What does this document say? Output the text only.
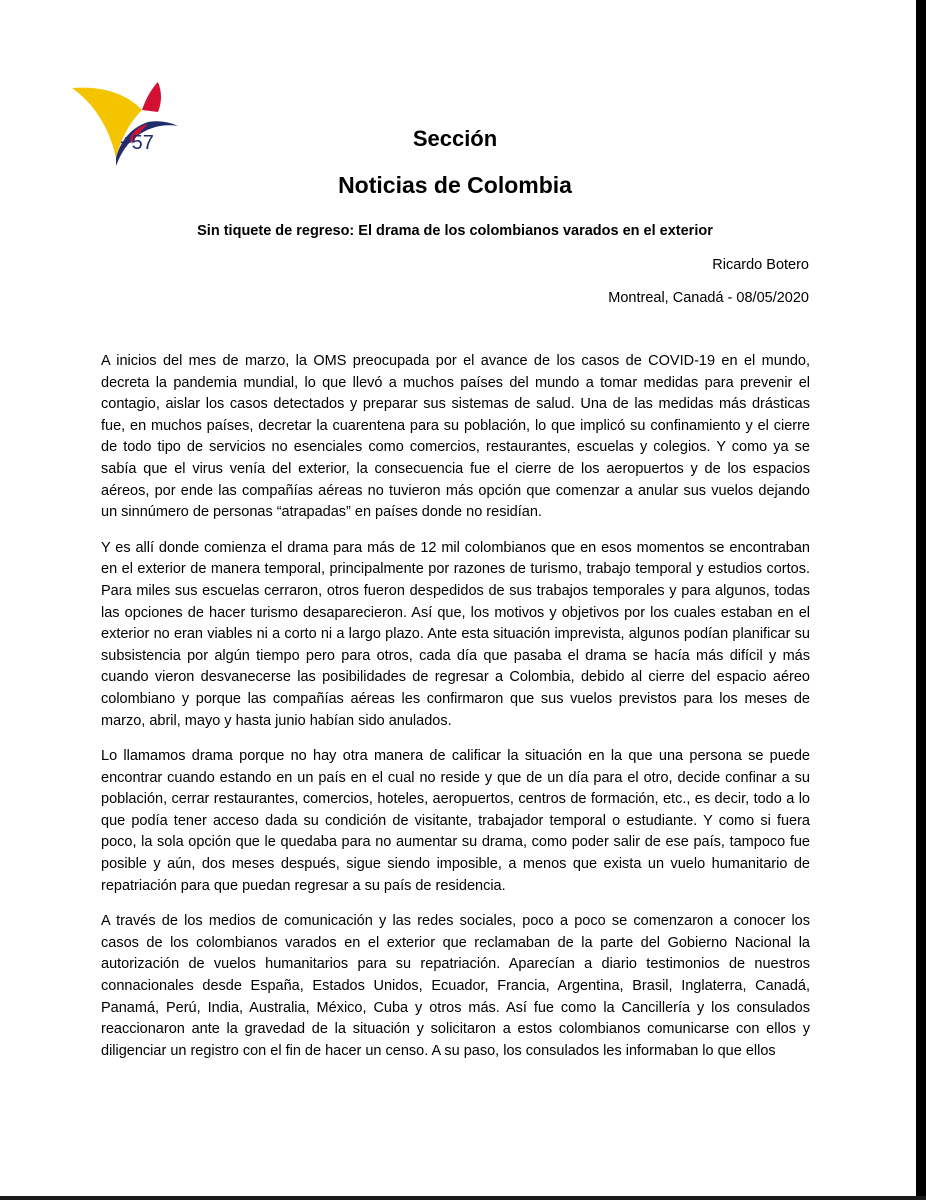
+57	Sección
Noticias de Colombia
Sin tiquete de regreso: El drama de los colombianos varados en el exterior
Ricardo Botero
Montreal, Canadá - 08/05/2020

A inicios del mes de marzo, la OMS preocupada por el avance de los casos de COVID-19 en el mundo, decreta la pandemia mundial, lo que llevó a muchos países del mundo a tomar medidas para prevenir el contagio, aislar los casos detectados y preparar sus sistemas de salud. Una de las medidas más drásticas fue, en muchos países, decretar la cuarentena para su población, lo que implicó su confinamiento y el cierre de todo tipo de servicios no esenciales como comercios, restaurantes, escuelas y colegios. Y como ya se sabía que el virus venía del exterior, la consecuencia fue el cierre de los aeropuertos y de los espacios aéreos, por ende las compañías aéreas no tuvieron más opción que comenzar a anular sus vuelos dejando un sinnúmero de personas “atrapadas” en países donde no residían.

Y es allí donde comienza el drama para más de 12 mil colombianos que en esos momentos se encontraban en el exterior de manera temporal, principalmente por razones de turismo, trabajo temporal y estudios cortos. Para miles sus escuelas cerraron, otros fueron despedidos de sus trabajos temporales y para algunos, todas las opciones de hacer turismo desaparecieron. Así que, los motivos y objetivos por los cuales estaban en el exterior no eran viables ni a corto ni a largo plazo. Ante esta situación imprevista, algunos podían planificar su subsistencia por algún tiempo pero para otros, cada día que pasaba el drama se hacía más difícil y más cuando vieron desvanecerse las posibilidades de regresar a Colombia, debido al cierre del espacio aéreo colombiano y porque las compañías aéreas les confirmaron que sus vuelos previstos para los meses de marzo, abril, mayo y hasta junio habían sido anulados.

Lo llamamos drama porque no hay otra manera de calificar la situación en la que una persona se puede encontrar cuando estando en un país en el cual no reside y que de un día para el otro, decide confinar a su población, cerrar restaurantes, comercios, hoteles, aeropuertos, centros de formación, etc., es decir, todo a lo que podía tener acceso dada su condición de visitante, trabajador temporal o estudiante. Y como si fuera poco, la sola opción que le quedaba para no aumentar su drama, como poder salir de ese país, tampoco fue posible y aún, dos meses después, sigue siendo imposible, a menos que exista un vuelo humanitario de repatriación para que puedan regresar a su país de residencia.

A través de los medios de comunicación y las redes sociales, poco a poco se comenzaron a conocer los casos de los colombianos varados en el exterior que reclamaban de la parte del Gobierno Nacional la autorización de vuelos humanitarios para su repatriación. Aparecían a diario testimonios de nuestros connacionales desde España, Estados Unidos, Ecuador, Francia, Argentina, Brasil, Inglaterra, Canadá, Panamá, Perú, India, Australia, México, Cuba y otros más. Así fue como la Cancillería y los consulados reaccionaron ante la gravedad de la situación y solicitaron a estos colombianos comunicarse con ellos y diligenciar un registro con el fin de hacer un censo. A su paso, los consulados les informaban lo que ellos
